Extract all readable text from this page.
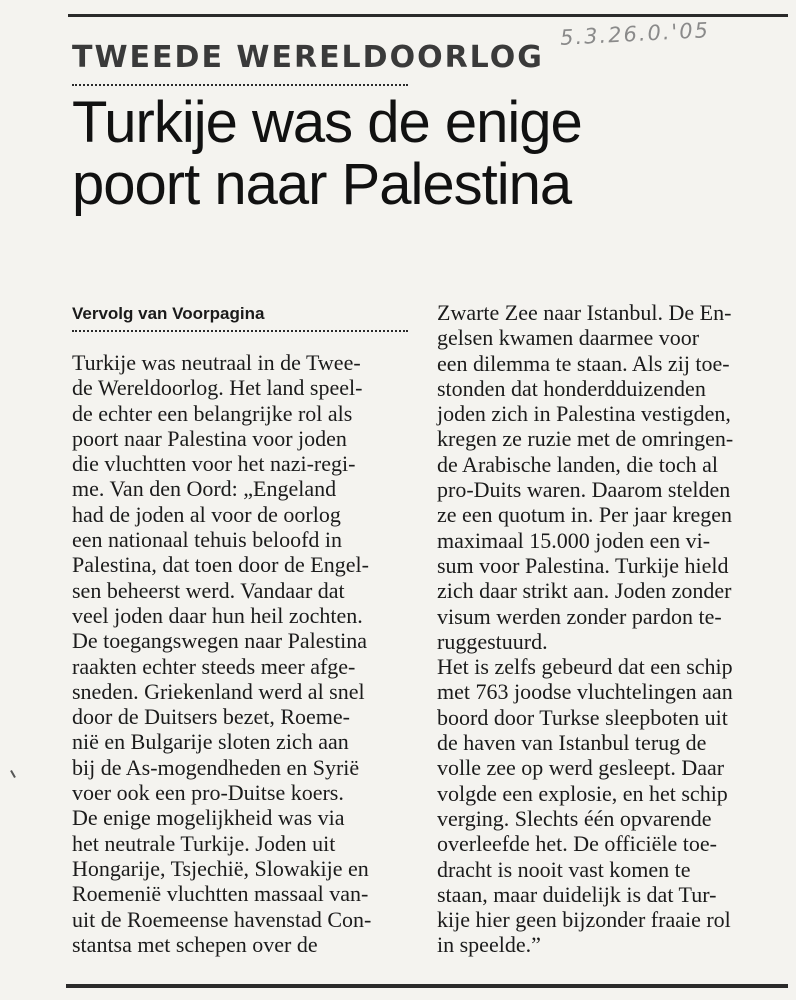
5.3.26.0.'05
TWEEDE WERELDOORLOG
Turkije was de enige
poort naar Palestina
Vervolg van Voorpagina
Turkije was neutraal in de Twee-
de Wereldoorlog. Het land speel-
de echter een belangrijke rol als
poort naar Palestina voor joden
die vluchtten voor het nazi-regi-
me. Van den Oord: „Engeland
had de joden al voor de oorlog
een nationaal tehuis beloofd in
Palestina, dat toen door de Engel-
sen beheerst werd. Vandaar dat
veel joden daar hun heil zochten.
De toegangswegen naar Palestina
raakten echter steeds meer afge-
sneden. Griekenland werd al snel
door de Duitsers bezet, Roeme-
nië en Bulgarije sloten zich aan
bij de As-mogendheden en Syrië
voer ook een pro-Duitse koers.
De enige mogelijkheid was via
het neutrale Turkije. Joden uit
Hongarije, Tsjechië, Slowakije en
Roemenië vluchtten massaal van-
uit de Roemeense havenstad Con-
stantsa met schepen over de
Zwarte Zee naar Istanbul. De En-
gelsen kwamen daarmee voor
een dilemma te staan. Als zij toe-
stonden dat honderdduizenden
joden zich in Palestina vestigden,
kregen ze ruzie met de omringen-
de Arabische landen, die toch al
pro-Duits waren. Daarom stelden
ze een quotum in. Per jaar kregen
maximaal 15.000 joden een vi-
sum voor Palestina. Turkije hield
zich daar strikt aan. Joden zonder
visum werden zonder pardon te-
ruggestuurd.
Het is zelfs gebeurd dat een schip
met 763 joodse vluchtelingen aan
boord door Turkse sleepboten uit
de haven van Istanbul terug de
volle zee op werd gesleept. Daar
volgde een explosie, en het schip
verging. Slechts één opvarende
overleefde het. De officiële toe-
dracht is nooit vast komen te
staan, maar duidelijk is dat Tur-
kije hier geen bijzonder fraaie rol
in speelde.”
